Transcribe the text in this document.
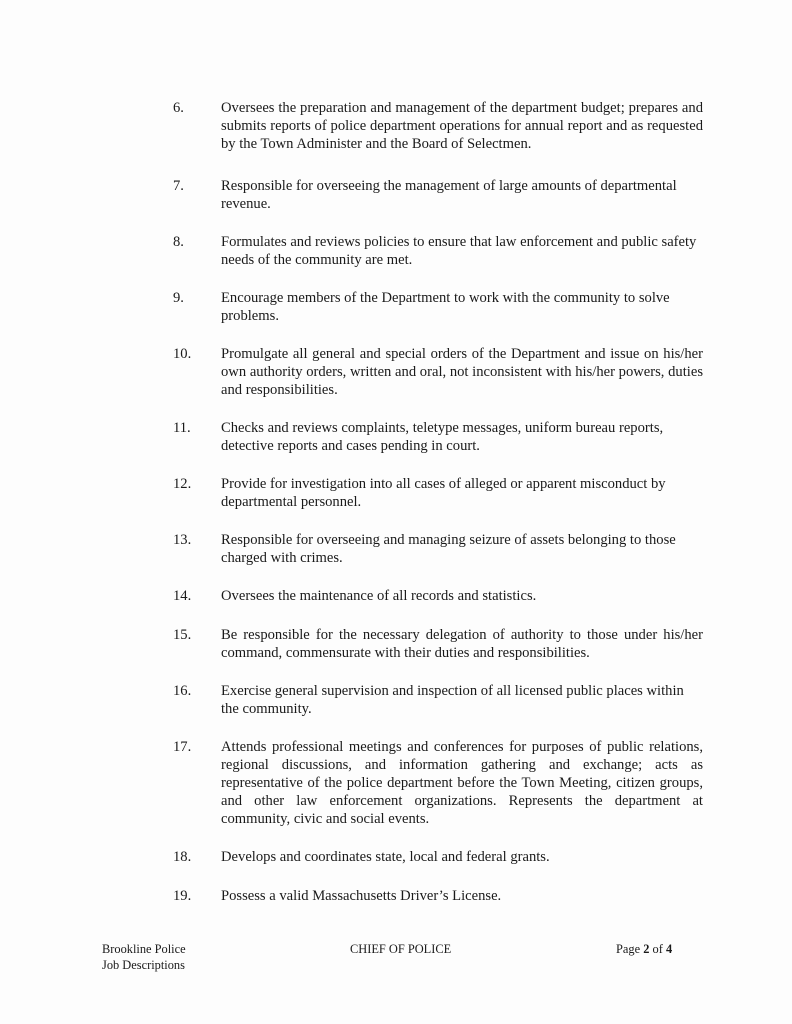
6.	Oversees the preparation and management of the department budget; prepares and submits reports of police department operations for annual report and as requested by the Town Administer and the Board of Selectmen.
7.	Responsible for overseeing the management of large amounts of departmental revenue.
8.	Formulates and reviews policies to ensure that law enforcement and public safety needs of the community are met.
9.	Encourage members of the Department to work with the community to solve problems.
10.	Promulgate all general and special orders of the Department and issue on his/her own authority orders, written and oral, not inconsistent with his/her powers, duties and responsibilities.
11.	Checks and reviews complaints, teletype messages, uniform bureau reports, detective reports and cases pending in court.
12.	Provide for investigation into all cases of alleged or apparent misconduct by departmental personnel.
13.	Responsible for overseeing and managing seizure of assets belonging to those charged with crimes.
14.	Oversees the maintenance of all records and statistics.
15.	Be responsible for the necessary delegation of authority to those under his/her command, commensurate with their duties and responsibilities.
16.	Exercise general supervision and inspection of all licensed public places within the community.
17.	Attends professional meetings and conferences for purposes of public relations, regional discussions, and information gathering and exchange; acts as representative of the police department before the Town Meeting, citizen groups, and other law enforcement organizations. Represents the department at community, civic and social events.
18.	Develops and coordinates state, local and federal grants.
19.	Possess a valid Massachusetts Driver’s License.
Brookline Police
Job Descriptions
CHIEF OF POLICE	Page 2 of 4
